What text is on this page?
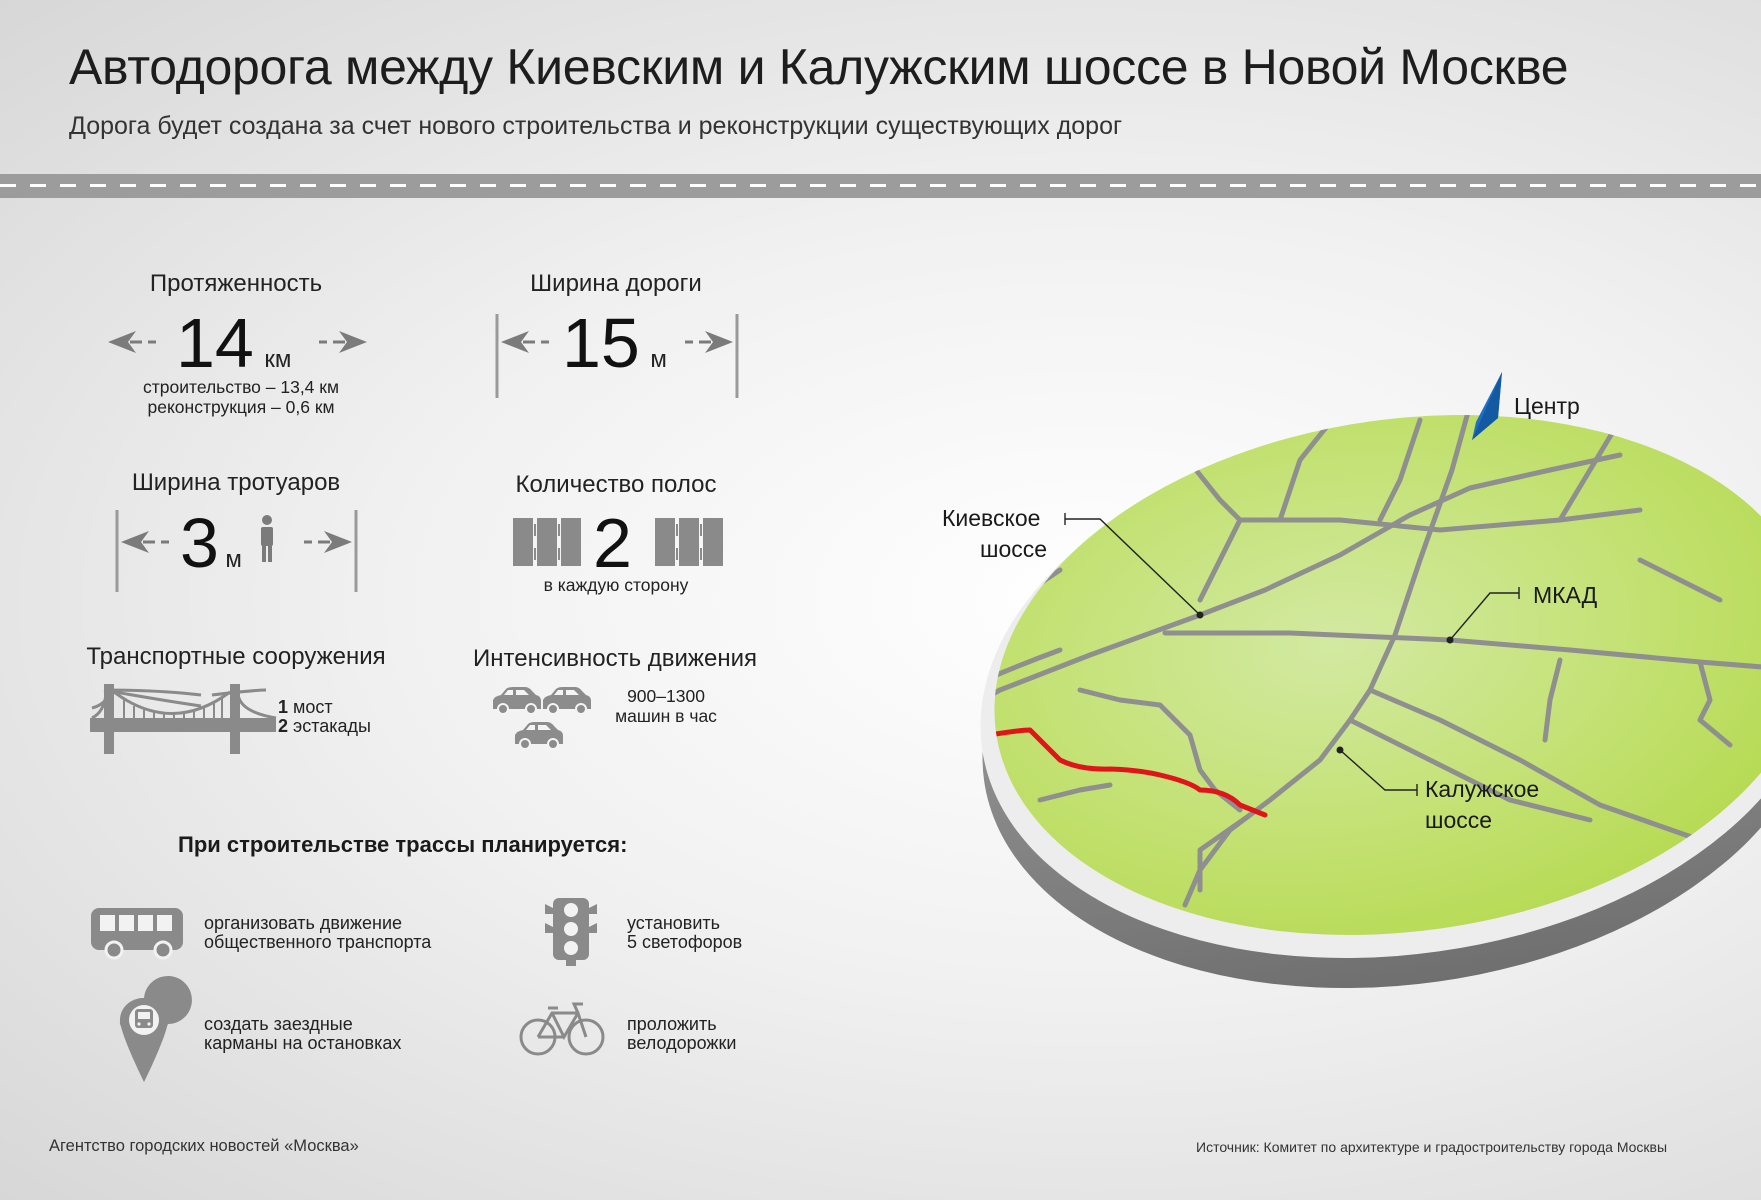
Автодорога между Киевским и Калужским шоссе в Новой Москве
Дорога будет создана за счет нового строительства и реконструкции существующих дорог
Протяженность
14 км
строительство – 13,4 км
реконструкция – 0,6 км
Ширина дороги
15 м
Ширина тротуаров
3 м
Количество полос
2
в каждую сторону
Транспортные сооружения
1 мост
2 эстакады
Интенсивность движения
900–1300
машин в час
При строительстве трассы планируется:
организовать движение
общественного транспорта
установить
5 светофоров
создать заездные
карманы на остановках
проложить
велодорожки
Центр
Киевское
шоссе
МКАД
Калужское
шоссе
Агентство городских новостей «Москва»	Источник: Комитет по архитектуре и градостроительству города Москвы
